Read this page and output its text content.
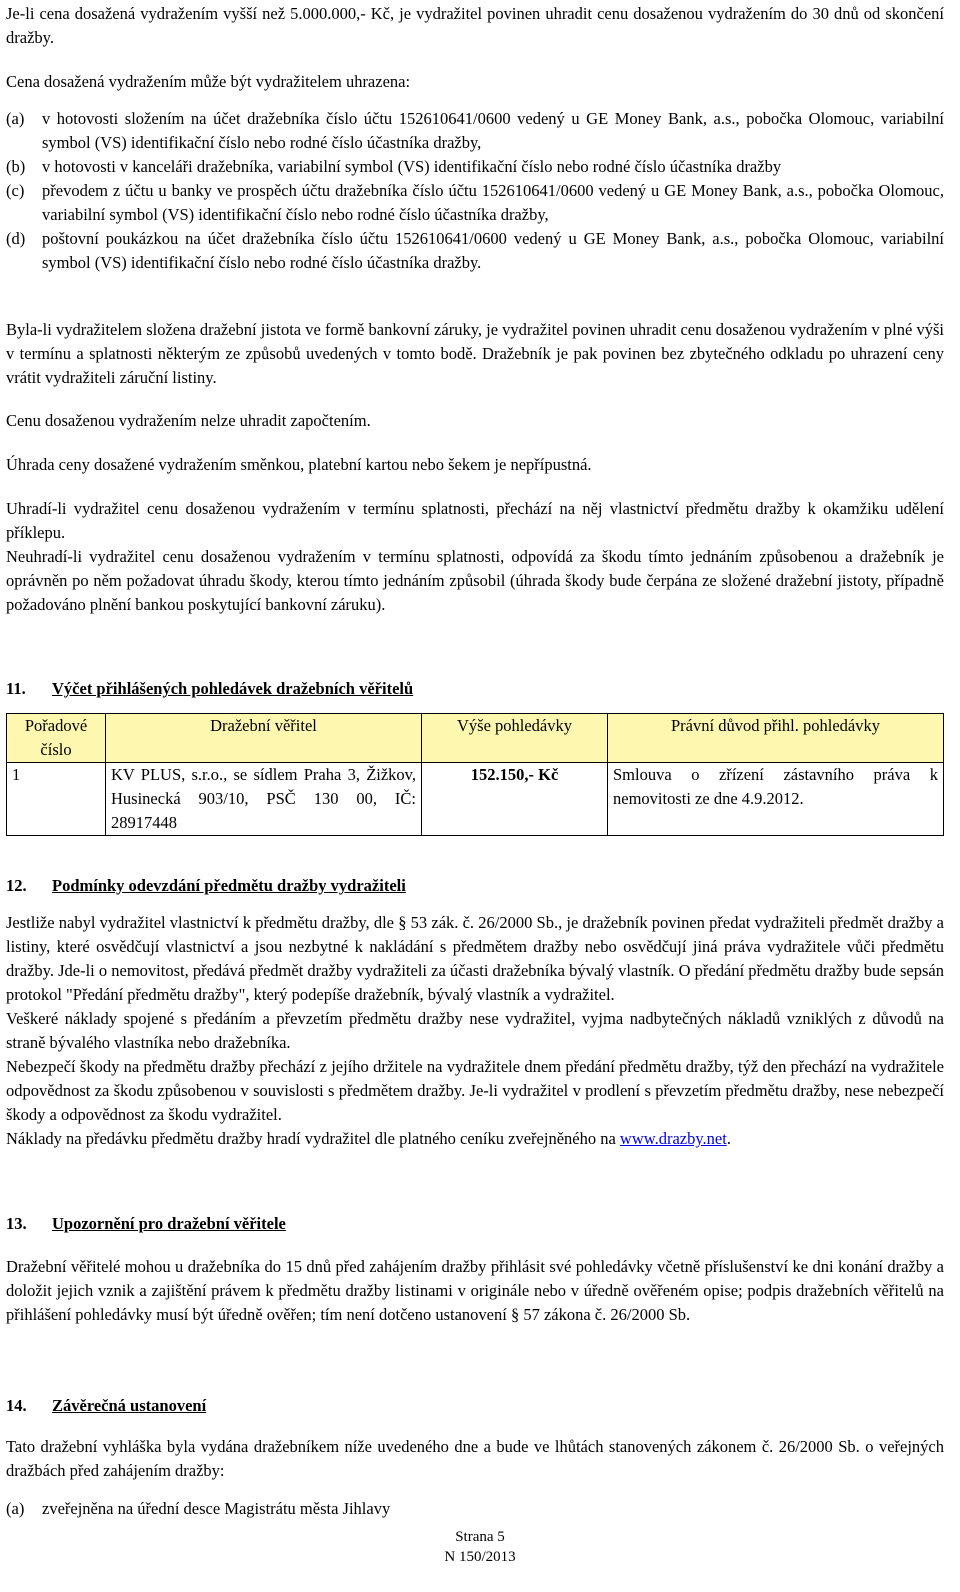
Je-li cena dosažená vydražením vyšší než 5.000.000,- Kč, je vydražitel povinen uhradit cenu dosaženou vydražením do 30 dnů od skončení dražby.

Cena dosažená vydražením může být vydražitelem uhrazena:

(a) v hotovosti složením na účet dražebníka číslo účtu 152610641/0600 vedený u GE Money Bank, a.s., pobočka Olomouc, variabilní symbol (VS) identifikační číslo nebo rodné číslo účastníka dražby,
(b) v hotovosti v kanceláři dražebníka, variabilní symbol (VS) identifikační číslo nebo rodné číslo účastníka dražby
(c) převodem z účtu u banky ve prospěch účtu dražebníka číslo účtu 152610641/0600 vedený u GE Money Bank, a.s., pobočka Olomouc, variabilní symbol (VS) identifikační číslo nebo rodné číslo účastníka dražby,
(d) poštovní poukázkou na účet dražebníka číslo účtu 152610641/0600 vedený u GE Money Bank, a.s., pobočka Olomouc, variabilní symbol (VS) identifikační číslo nebo rodné číslo účastníka dražby.

Byla-li vydražitelem složena dražební jistota ve formě bankovní záruky, je vydražitel povinen uhradit cenu dosaženou vydražením v plné výši v termínu a splatnosti některým ze způsobů uvedených v tomto bodě. Dražebník je pak povinen bez zbytečného odkladu po uhrazení ceny vrátit vydražiteli záruční listiny.

Cenu dosaženou vydražením nelze uhradit započtením.

Úhrada ceny dosažené vydražením směnkou, platební kartou nebo šekem je nepřípustná.

Uhradí-li vydražitel cenu dosaženou vydražením v termínu splatnosti, přechází na něj vlastnictví předmětu dražby k okamžiku udělení příklepu.

Neuhradí-li vydražitel cenu dosaženou vydražením v termínu splatnosti, odpovídá za škodu tímto jednáním způsobenou a dražebník je oprávněn po něm požadovat úhradu škody, kterou tímto jednáním způsobil (úhrada škody bude čerpána ze složené dražební jistoty, případně požadováno plnění bankou poskytující bankovní záruku).

11. Výčet přihlášených pohledávek dražebních věřitelů
Pořadové číslo	Dražební věřitel	Výše pohledávky	Právní důvod přihl. pohledávky
1	KV PLUS, s.r.o., se sídlem Praha 3, Žižkov, Husinecká 903/10, PSČ 130 00, IČ: 28917448	152.150,- Kč	Smlouva o zřízení zástavního práva k nemovitosti ze dne 4.9.2012.
12. Podmínky odevzdání předmětu dražby vydražiteli

Jestliže nabyl vydražitel vlastnictví k předmětu dražby, dle § 53 zák. č. 26/2000 Sb., je dražebník povinen předat vydražiteli předmět dražby a listiny, které osvědčují vlastnictví a jsou nezbytné k nakládání s předmětem dražby nebo osvědčují jiná práva vydražitele vůči předmětu dražby. Jde-li o nemovitost, předává předmět dražby vydražiteli za účasti dražebníka bývalý vlastník. O předání předmětu dražby bude sepsán protokol "Předání předmětu dražby", který podepíše dražebník, bývalý vlastník a vydražitel.

Veškeré náklady spojené s předáním a převzetím předmětu dražby nese vydražitel, vyjma nadbytečných nákladů vzniklých z důvodů na straně bývalého vlastníka nebo dražebníka.

Nebezpečí škody na předmětu dražby přechází z jejího držitele na vydražitele dnem předání předmětu dražby, týž den přechází na vydražitele odpovědnost za škodu způsobenou v souvislosti s předmětem dražby. Je-li vydražitel v prodlení s převzetím předmětu dražby, nese nebezpečí škody a odpovědnost za škodu vydražitel.

Náklady na předávku předmětu dražby hradí vydražitel dle platného ceníku zveřejněného na www.drazby.net.

13. Upozornění pro dražební věřitele

Dražební věřitelé mohou u dražebníka do 15 dnů před zahájením dražby přihlásit své pohledávky včetně příslušenství ke dni konání dražby a doložit jejich vznik a zajištění právem k předmětu dražby listinami v originále nebo v úředně ověřeném opise; podpis dražebních věřitelů na přihlášení pohledávky musí být úředně ověřen; tím není dotčeno ustanovení § 57 zákona č. 26/2000 Sb.

14. Závěrečná ustanovení

Tato dražební vyhláška byla vydána dražebníkem níže uvedeného dne a bude ve lhůtách stanovených zákonem č. 26/2000 Sb. o veřejných dražbách před zahájením dražby:

(a) zveřejněna na úřední desce Magistrátu města Jihlavy
Strana 5
N 150/2013
